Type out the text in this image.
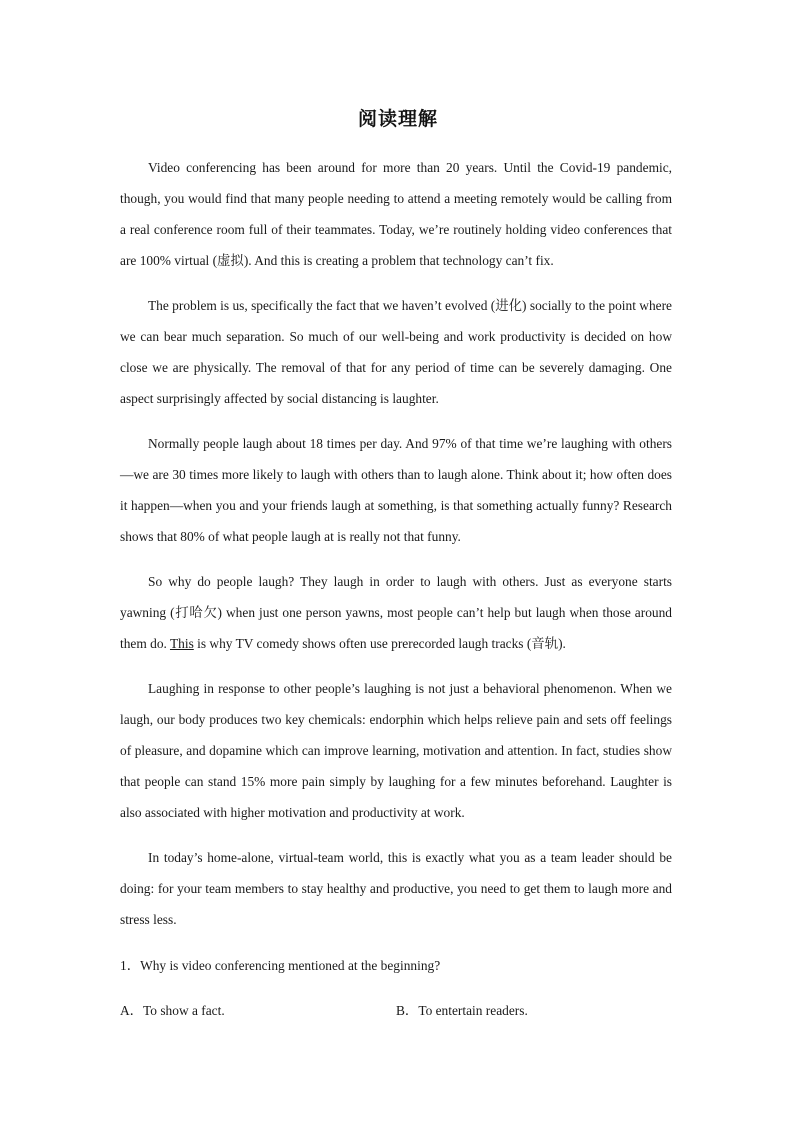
阅读理解

Video conferencing has been around for more than 20 years. Until the Covid-19 pandemic, though, you would find that many people needing to attend a meeting remotely would be calling from a real conference room full of their teammates. Today, we’re routinely holding video conferences that are 100% virtual (虚拟). And this is creating a problem that technology can’t fix.

The problem is us, specifically the fact that we haven’t evolved (进化) socially to the point where we can bear much separation. So much of our well-being and work productivity is decided on how close we are physically. The removal of that for any period of time can be severely damaging. One aspect surprisingly affected by social distancing is laughter.

Normally people laugh about 18 times per day. And 97% of that time we’re laughing with others—we are 30 times more likely to laugh with others than to laugh alone. Think about it; how often does it happen—when you and your friends laugh at something, is that something actually funny? Research shows that 80% of what people laugh at is really not that funny.

So why do people laugh? They laugh in order to laugh with others. Just as everyone starts yawning (打哈欠) when just one person yawns, most people can’t help but laugh when those around them do. This is why TV comedy shows often use prerecorded laugh tracks (音轨).

Laughing in response to other people’s laughing is not just a behavioral phenomenon. When we laugh, our body produces two key chemicals: endorphin which helps relieve pain and sets off feelings of pleasure, and dopamine which can improve learning, motivation and attention. In fact, studies show that people can stand 15% more pain simply by laughing for a few minutes beforehand. Laughter is also associated with higher motivation and productivity at work.

In today’s home-alone, virtual-team world, this is exactly what you as a team leader should be doing: for your team members to stay healthy and productive, you need to get them to laugh more and stress less.

1．Why is video conferencing mentioned at the beginning?

A．To show a fact.	B．To entertain readers.
